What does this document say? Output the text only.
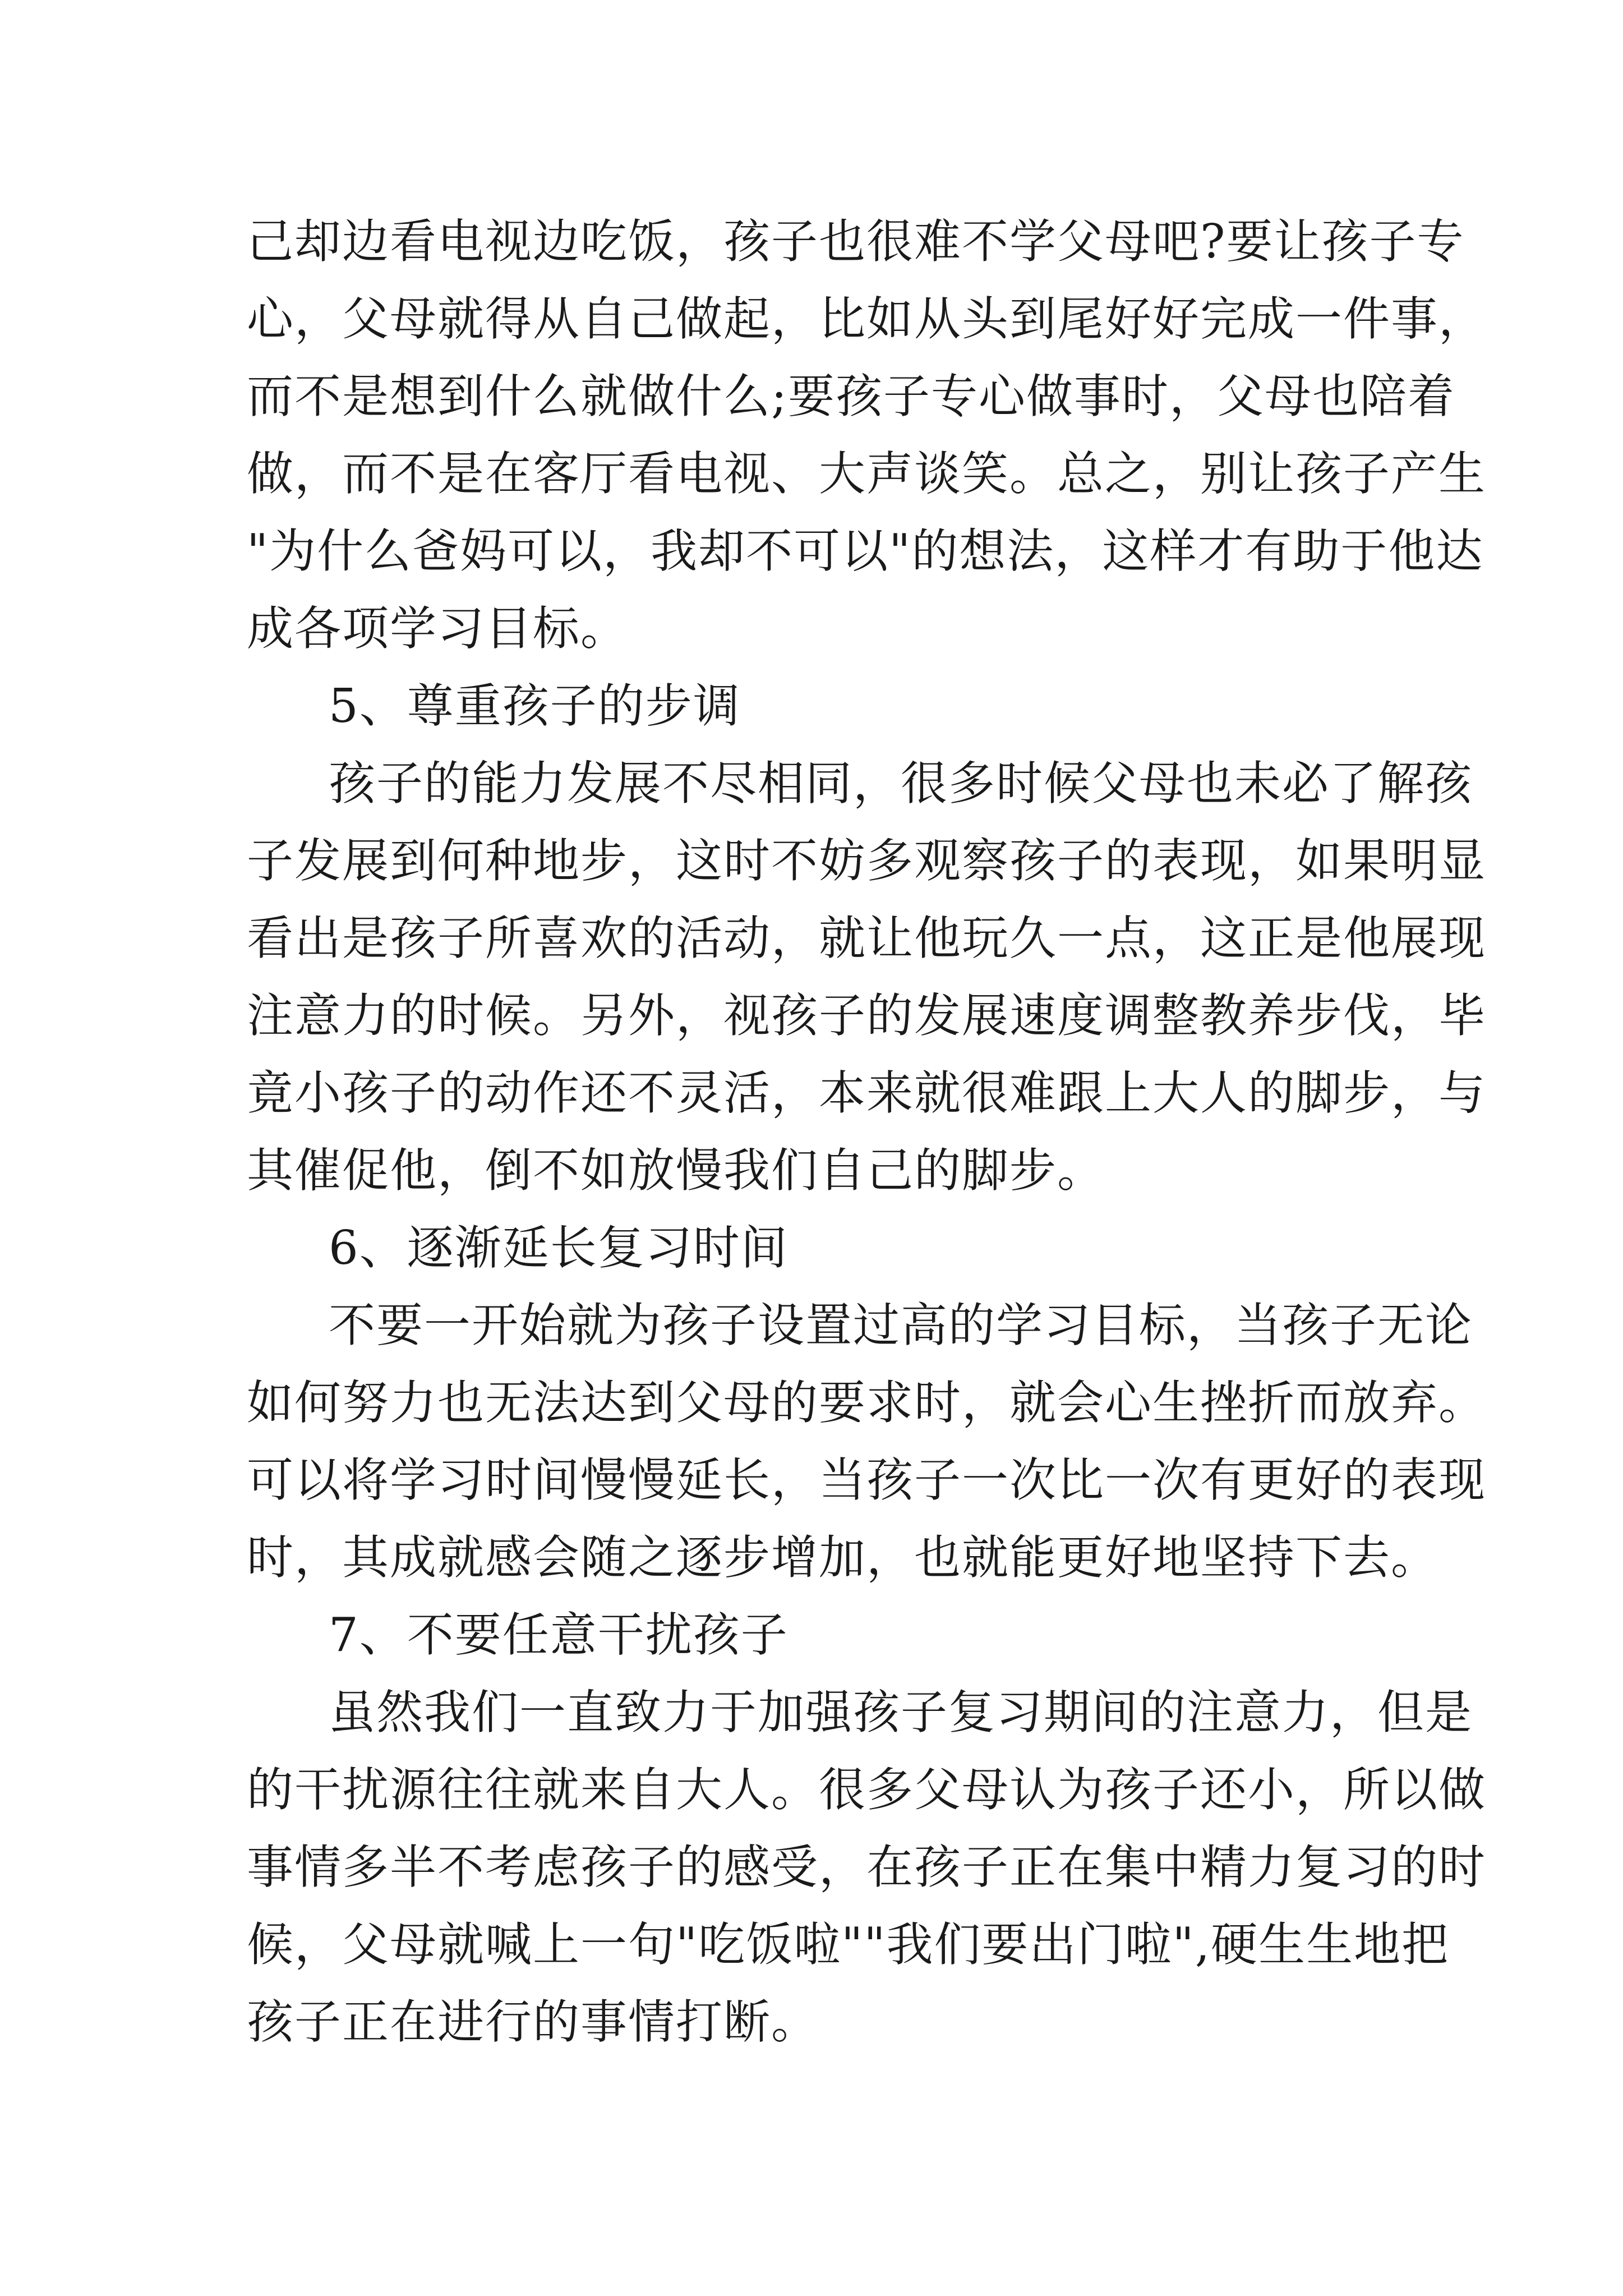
己却边看电视边吃饭，孩子也很难不学父母吧?要让孩子专
心，父母就得从自己做起，比如从头到尾好好完成一件事，
而不是想到什么就做什么;要孩子专心做事时，父母也陪着
做，而不是在客厅看电视、大声谈笑。总之，别让孩子产生
"为什么爸妈可以，我却不可以"的想法，这样才有助于他达
成各项学习目标。
5、尊重孩子的步调
孩子的能力发展不尽相同，很多时候父母也未必了解孩
子发展到何种地步，这时不妨多观察孩子的表现，如果明显
看出是孩子所喜欢的活动，就让他玩久一点，这正是他展现
注意力的时候。另外，视孩子的发展速度调整教养步伐，毕
竟小孩子的动作还不灵活，本来就很难跟上大人的脚步，与
其催促他，倒不如放慢我们自己的脚步。
6、逐渐延长复习时间
不要一开始就为孩子设置过高的学习目标，当孩子无论
如何努力也无法达到父母的要求时，就会心生挫折而放弃。
可以将学习时间慢慢延长，当孩子一次比一次有更好的表现
时，其成就感会随之逐步增加，也就能更好地坚持下去。
7、不要任意干扰孩子
虽然我们一直致力于加强孩子复习期间的注意力，但是
的干扰源往往就来自大人。很多父母认为孩子还小，所以做
事情多半不考虑孩子的感受，在孩子正在集中精力复习的时
候，父母就喊上一句"吃饭啦""我们要出门啦",硬生生地把
孩子正在进行的事情打断。
